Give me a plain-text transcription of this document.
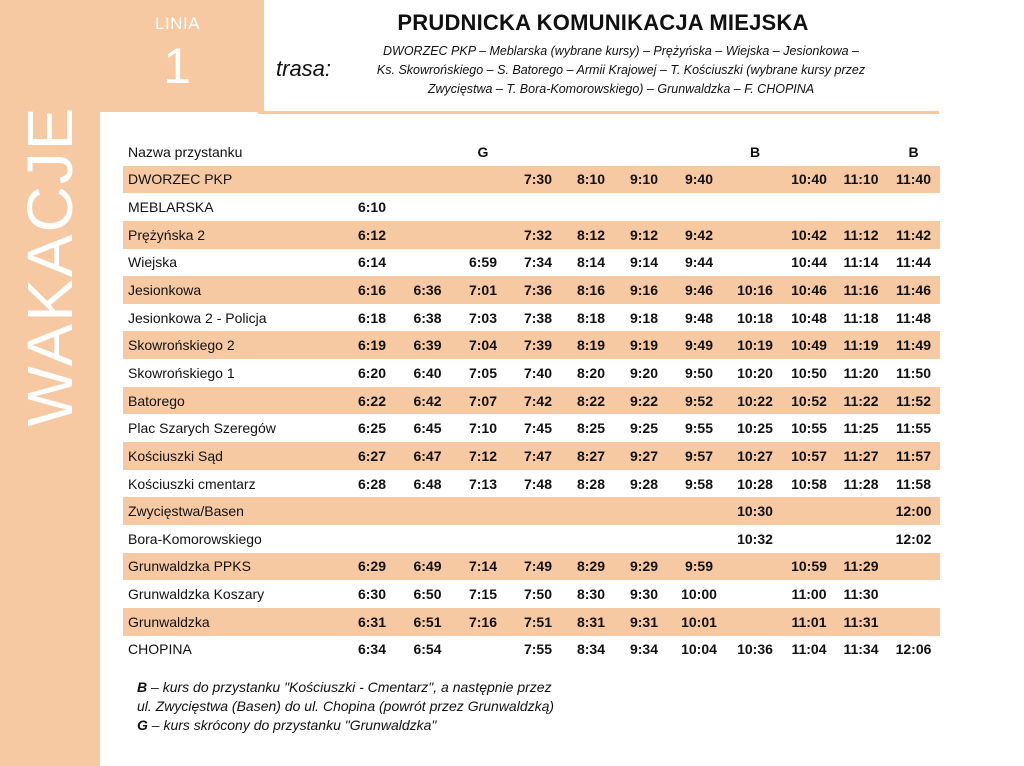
LINIA
1
WAKACJE
PRUDNICKA KOMUNIKACJA MIEJSKA
trasa:
DWORZEC PKP – Meblarska (wybrane kursy) – Prężyńska – Wiejska – Jesionkowa –
Ks. Skowrońskiego – S. Batorego – Armii Krajowej – T. Kościuszki (wybrane kursy przez
Zwycięstwa – T. Bora-Komorowskiego) – Grunwaldzka – F. CHOPINA
Nazwa przystanku			G					B			B
DWORZEC PKP				7:30	8:10	9:10	9:40		10:40	11:10	11:40
MEBLARSKA	6:10										
Prężyńska 2	6:12			7:32	8:12	9:12	9:42		10:42	11:12	11:42
Wiejska	6:14		6:59	7:34	8:14	9:14	9:44		10:44	11:14	11:44
Jesionkowa	6:16	6:36	7:01	7:36	8:16	9:16	9:46	10:16	10:46	11:16	11:46
Jesionkowa 2 - Policja	6:18	6:38	7:03	7:38	8:18	9:18	9:48	10:18	10:48	11:18	11:48
Skowrońskiego 2	6:19	6:39	7:04	7:39	8:19	9:19	9:49	10:19	10:49	11:19	11:49
Skowrońskiego 1	6:20	6:40	7:05	7:40	8:20	9:20	9:50	10:20	10:50	11:20	11:50
Batorego	6:22	6:42	7:07	7:42	8:22	9:22	9:52	10:22	10:52	11:22	11:52
Plac Szarych Szeregów	6:25	6:45	7:10	7:45	8:25	9:25	9:55	10:25	10:55	11:25	11:55
Kościuszki Sąd	6:27	6:47	7:12	7:47	8:27	9:27	9:57	10:27	10:57	11:27	11:57
Kościuszki cmentarz	6:28	6:48	7:13	7:48	8:28	9:28	9:58	10:28	10:58	11:28	11:58
Zwycięstwa/Basen								10:30			12:00
Bora-Komorowskiego								10:32			12:02
Grunwaldzka PPKS	6:29	6:49	7:14	7:49	8:29	9:29	9:59		10:59	11:29	
Grunwaldzka Koszary	6:30	6:50	7:15	7:50	8:30	9:30	10:00		11:00	11:30	
Grunwaldzka	6:31	6:51	7:16	7:51	8:31	9:31	10:01		11:01	11:31	
CHOPINA	6:34	6:54		7:55	8:34	9:34	10:04	10:36	11:04	11:34	12:06
B – kurs do przystanku "Kościuszki - Cmentarz", a następnie przez
ul. Zwycięstwa (Basen) do ul. Chopina (powrót przez Grunwaldzką)
G – kurs skrócony do przystanku "Grunwaldzka"
